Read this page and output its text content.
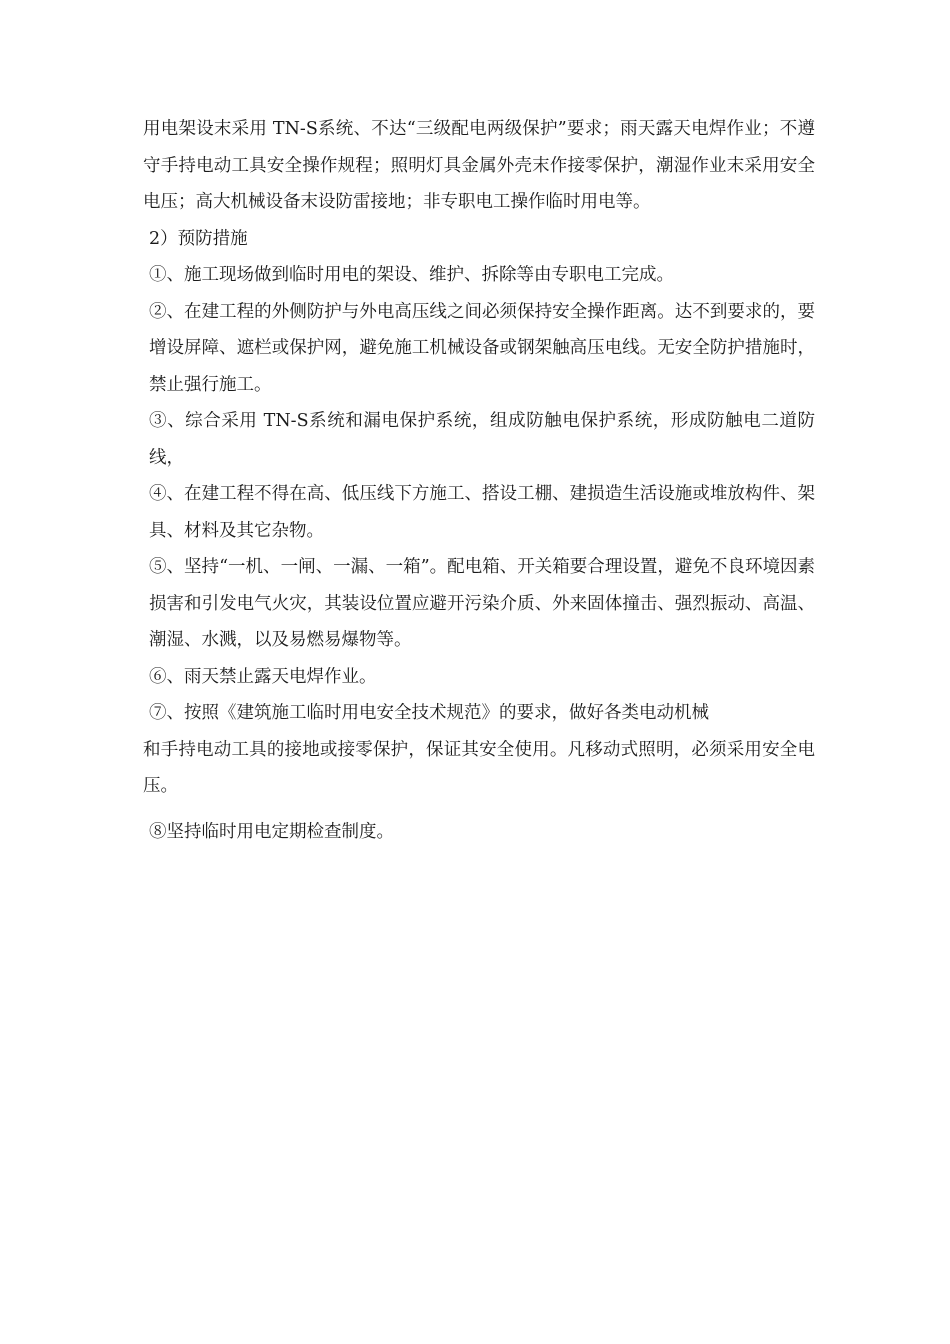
用电架设末采用 TN-S系统、不达“三级配电两级保护”要求；雨天露天电焊作业；不遵守手持电动工具安全操作规程；照明灯具金属外壳末作接零保护，潮湿作业末采用安全电压；高大机械设备末设防雷接地；非专职电工操作临时用电等。

2）预防措施

①、施工现场做到临时用电的架设、维护、拆除等由专职电工完成。

②、在建工程的外侧防护与外电高压线之间必须保持安全操作距离。达不到要求的，要增设屏障、遮栏或保护网，避免施工机械设备或钢架触高压电线。无安全防护措施时，禁止强行施工。

③、综合采用 TN-S系统和漏电保护系统，组成防触电保护系统，形成防触电二道防线，

④、在建工程不得在高、低压线下方施工、搭设工棚、建损造生活设施或堆放构件、架具、材料及其它杂物。

⑤、坚持“一机、一闸、一漏、一箱”。配电箱、开关箱要合理设置，避免不良环境因素损害和引发电气火灾，其装设位置应避开污染介质、外来固体撞击、强烈振动、高温、潮湿、水溅，以及易燃易爆物等。

⑥、雨天禁止露天电焊作业。

⑦、按照《建筑施工临时用电安全技术规范》的要求，做好各类电动机械

和手持电动工具的接地或接零保护，保证其安全使用。凡移动式照明，必须采用安全电压。

⑧坚持临时用电定期检查制度。
